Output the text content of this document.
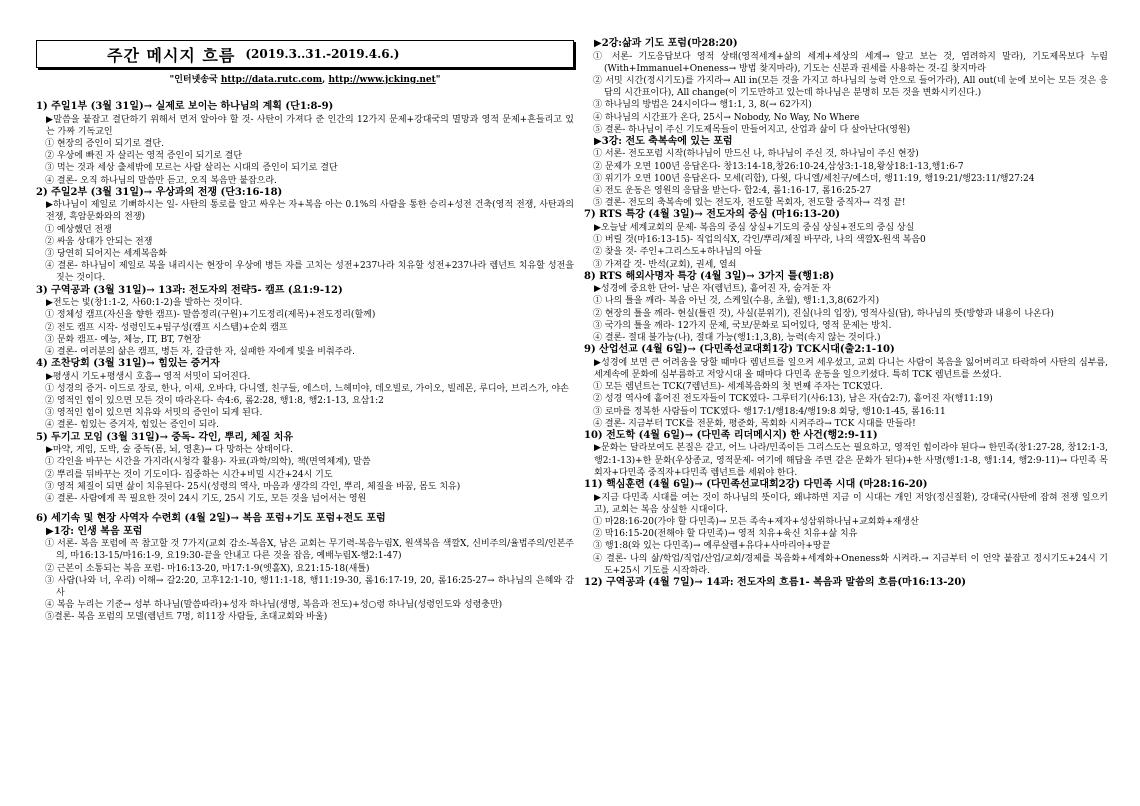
주간 메시지 흐름 (2019.3..31.-2019.4.6.)
"인터넷송국 http://data.rutc.com, http://www.jcking.net"
1) 주일1부 (3월 31일)→ 실제로 보이는 하나님의 계획 (단1:8-9)
▶말씀을 붙잡고 결단하기 위해서 먼저 알아야 할 것- 사탄이 가져다 준 인간의 12가지 문제+강대국의 멸망과 영적 문제+흔들리고 있는 가짜 기독교인
① 현장의 증인이 되기로 결단.
② 우상에 빠진 자 살리는 영적 증인이 되기로 결단
③ 먹는 것과 세상 출세밖에 모르는 사람 살리는 시대의 증인이 되기로 결단
④ 결론- 오직 하나님의 말씀만 듣고, 오직 복음만 붙잡으라.
2) 주일2부 (3월 31일)→ 우상과의 전쟁 (단3:16-18)
▶하나님이 제일로 기뻐하시는 일- 사탄의 통로를 알고 싸우는 자+복음 아는 0.1%의 사람을 통한 승리+성전 건축(영적 전쟁, 사탄과의 전쟁, 흑암문화와의 전쟁)
① 예상했던 전쟁
② 싸움 상대가 안되는 전쟁
③ 당연히 되어지는 세계복음화
④ 결론- 하나님이 제일로 복을 내리시는 현장이 우상에 병든 자를 고치는 성전+237나라 치유할 성전+237나라 렘넌트 치유할 성전을 짓는 것이다.
3) 구역공과 (3월 31일)→ 13과: 전도자의 전략5- 캠프 (요1:9-12)
▶전도는 빛(창1:1-2, 사60:1-2)을 발하는 것이다.
① 정체성 캠프(자신을 향한 캠프)- 말씀정리(구원)+기도정리(제목)+전도정리(할께)
② 전도 캠프 시작- 성령인도+팀구성(캠프 시스템)+순회 캠프
③ 문화 캠프- 예능, 체능, IT, BT, 7현장
④ 결론- 여러분의 삶은 캠프, 병든 자, 갈급한 자, 실패한 자에게 빛을 비춰주라.
4) 조찬당회 (3월 31일)→ 힘있는 증거자
▶평생시 기도+평생시 호흡→ 영적 서밋이 되어진다.
① 성경의 증거- 이드로 장로, 한나, 이새, 오바댜, 다니엘, 친구들, 에스더, 느헤미야, 데오빌로, 가이오, 빌레몬, 루디아, 브리스가, 야손
② 영적인 힘이 있으면 모든 것이 따라온다- 속4:6, 롬2:28, 행1:8, 행2:1-13, 요삼1:2
③ 영적인 힘이 있으면 치유와 서밋의 증인이 되게 된다.
④ 결론- 힘있는 증거자, 힘있는 증인이 되라.
5) 두기고 모임 (3월 31일)→ 중독- 각인, 뿌리, 체질 치유
▶마약, 게임, 도박, 술 중독(몸, 뇌, 영혼)→ 다 망하는 상태이다.
① 각인을 바꾸는 시간을 가지라(시청각 활용)- 자료(과학/의학), 책(면역체계), 말씀
② 뿌리를 뒤바꾸는 것이 기도이다- 집중하는 시간+비밀 시간+24시 기도
③ 영적 체질이 되면 삶이 치유된다- 25시(성령의 역사, 마음과 생각의 각인, 뿌리, 체질을 바꿈, 몸도 치유)
④ 결론- 사람에게 꼭 필요한 것이 24시 기도, 25시 기도, 모든 것을 넘어서는 영원
6) 세기속 및 현장 사역자 수련회 (4월 2일)→ 복음 포럼+기도 포럼+전도 포럼
▶1강: 인생 복음 포럼
① 서론- 복음 포럼에 꼭 참고할 것 7가지(교회 감소-복음X, 남은 교회는 무기력-복음누림X, 원색복음 색깔X, 신비주의/율법주의/인본주의, 마16:13-15/마16:1-9, 요19:30-끝을 안내고 다른 것을 잡음, 예배누림X-행2:1-47)
② 근본이 소통되는 복음 포럼- 마16:13-20, 마17:1-9(엣홀X), 요21:15-18(새틀)
③ 사람(나와 너, 우리) 이해→ 갈2:20, 고후12:1-10, 행11:1-18, 행11:19-30, 롬16:17-19, 20, 롬16:25-27→ 하나님의 은혜와 감사
④ 복음 누리는 기준→ 성부 하나님(말씀따라)+성자 하나님(생명, 복음과 전도)+성○령 하나님(성령인도와 성령충만)
⑤결론- 복음 포럼의 모델(렘넌트 7명, 히11장 사람들, 초대교회와 바울)
▶2강:삶과 기도 포럼(마28:20)
① 서론- 기도응답보다 영적 상태(영적세계+삶의 세계+세상의 세계→ 알고 보는 것, 염려하지 말라), 기도제목보다 누림(With+Immanuel+Oneness→ 방법 찾지마라), 기도는 신분과 권세를 사용하는 것-길 찾지마라
② 서밋 시간(정시기도)를 가지라→ All in(모든 것을 가지고 하나님의 능력 안으로 들어가라), All out(네 눈에 보이는 모든 것은 응답의 시간표이다), All change(이 기도만하고 있는데 하나님은 분명히 모든 것을 변화시키신다.)
③ 하나님의 방법은 24시이다→ 행1:1, 3, 8(→ 62가지)
④ 하나님의 시간표가 온다, 25시→ Nobody, No Way, No Where
⑤ 결론- 하나님이 주신 기도제목들이 만들어지고, 산업과 삶이 다 살아난다(영원)
▶3강: 전도 축복속에 있는 포럼
① 서론- 전도포럼 시작(하나님이 만드신 나, 하나님이 주신 것, 하나님이 주신 현장)
② 문제가 오면 100년 응답온다- 창13:14-18,창26:10-24,삼상3:1-18,왕상18:1-13,행1:6-7
③ 위기가 오면 100년 응답온다- 모세(리합), 다윗, 다니엘/세친구/에스더, 행11:19, 행19:21/행23:11/행27:24
④ 전도 운동은 영원의 응답을 받는다- 합2:4, 롬1:16-17, 롬16:25-27
⑤ 결론- 전도의 축복속에 있는 전도자, 전도할 목회자, 전도할 중직자→ 걱정 끝!
7) RTS 특강 (4월 3일)→ 전도자의 중심 (마16:13-20)
▶오늘날 세계교회의 문제- 복음의 중심 상실+기도의 중심 상실+전도의 중심 상실
① 버릴 것(마16:13-15)- 직업의식X, 각인/뿌리/체질 바꾸라, 나의 색깔X-원색 복음0
② 찾을 것- 주인+그리스도+하나님의 아들
③ 가져갈 것- 반석(교회), 권세, 열쇠
8) RTS 해외사명자 특강 (4월 3일)→ 3가지 틀(행1:8)
▶성경에 중요한 단어- 남은 자(렘넌트), 흩어진 자, 숨겨둔 자
① 나의 틀을 깨라- 복음 아닌 것, 스케일(수용, 초월), 행1:1,3,8(62가지)
② 현장의 틀을 깨라- 현실(틀린 것), 사실(분위기), 진실(나의 입장), 영적사실(답), 하나님의 뜻(방향과 내용이 나온다)
③ 국가의 틀을 깨라- 12가지 문제, 국보/문화로 되어있다, 영적 문제는 방치.
④ 결론- 절대 불가능(나), 절대 가능(행1:1,3,8), 능력(속지 않는 것이다.)
9) 산업선교 (4월 6일)→ (다민족선교대회1강) TCK시대(출2:1-10)
▶성경에 보면 큰 어려움을 당할 때마다 렘넌트를 일으켜 세우셨고, 교회 다니는 사람이 복음을 잃어버리고 타락하여 사탄의 심부름, 세계속에 문화에 심부름하고 저앙시대 올 때마다 다민족 운동을 일으키셨다. 특히 TCK 렘넌트를 쓰셨다.
① 모든 렘넌트는 TCK(7렘넌트)- 세계복음화의 첫 번째 주자는 TCK였다.
② 성경 역사에 흩어진 전도자들이 TCK였다- 그루터기(사6:13), 남은 자(습2:7), 흩어진 자(행11:19)
③ 로마를 정복한 사람들이 TCK였다- 행17:1/행18:4/행19:8 회당, 행10:1-45, 롬16:11
④ 결론- 지금부터 TCK를 전문화, 평준화, 목회화 시켜주라→ TCK 시대를 만들라!
10) 전도학 (4월 6일)→ (다민족 리더메시지) 한 사건(행2:9-11)
▶문화는 달라보여도 본질은 같고, 어느 나라/민족이든 그리스도는 필요하고, 영적인 힘이라야 된다→ 한민족(창1:27-28, 창12:1-3, 행2:1-13)+한 문화(우상종교, 영적문제- 여기에 해답을 주면 같은 문화가 된다)+한 사명(행1:1-8, 행1:14, 행2:9-11)→ 다민족 목회자+다민족 중직자+다민족 렘넌트를 세워야 한다.
11) 핵심훈련 (4월 6일)→ (다민족선교대회2강) 다민족 시대 (마28:16-20)
▶지금 다민족 시대를 여는 것이 하나님의 뜻이다, 왜냐하면 지금 이 시대는 개인 저앙(정신질환), 강대국(사탄에 잡혀 전쟁 일으키고), 교회는 복음 상실한 시대이다.
① 마28:16-20(가야 할 다민족)→ 모든 족속+제자+성삼위하나님+교회화+재생산
② 막16:15-20(전해야 할 다민족)→ 영적 치유+육신 치유+삶 치유
③ 행1:8(와 있는 다민족)→ 예루살렘+유다+사마리아+땅끝
④ 결론- 나의 삶/학업/직업/산업/교회/경제를 복음화+세계화+Oneness화 시켜라.→ 지금부터 이 언약 붙잡고 정시기도+24시 기도+25시 기도를 시작하라.
12) 구역공과 (4월 7일)→ 14과: 전도자의 흐름1- 복음과 말씀의 흐름(마16:13-20)
